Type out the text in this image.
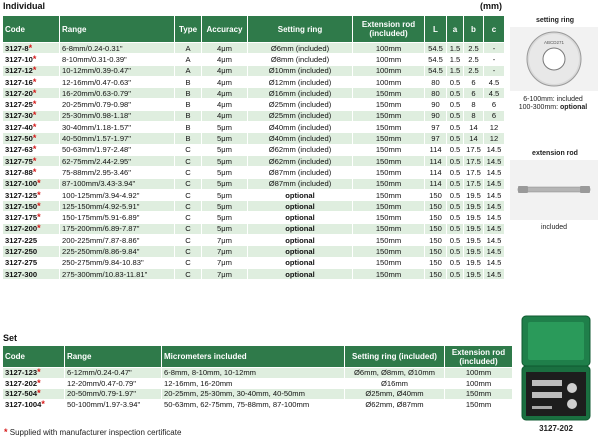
Individual	(mm)
Code	Range	Type	Accuracy	Setting ring	Extension rod (included)	L	a	b	c
3127-8*	6-8mm/0.24-0.31"	A	4μm	Ø6mm (included)	100mm	54.5	1.5	2.5	-
3127-10*	8-10mm/0.31-0.39"	A	4μm	Ø8mm (included)	100mm	54.5	1.5	2.5	-
3127-12*	10-12mm/0.39-0.47"	A	4μm	Ø10mm (included)	100mm	54.5	1.5	2.5	-
3127-16*	12-16mm/0.47-0.63"	B	4μm	Ø12mm (included)	100mm	80	0.5	6	4.5
3127-20*	16-20mm/0.63-0.79"	B	4μm	Ø16mm (included)	150mm	80	0.5	6	4.5
3127-25*	20-25mm/0.79-0.98"	B	4μm	Ø25mm (included)	150mm	90	0.5	8	6
3127-30*	25-30mm/0.98-1.18"	B	4μm	Ø25mm (included)	150mm	90	0.5	8	6
3127-40*	30-40mm/1.18-1.57"	B	5μm	Ø40mm (included)	150mm	97	0.5	14	12
3127-50*	40-50mm/1.57-1.97"	B	5μm	Ø40mm (included)	150mm	97	0.5	14	12
3127-63*	50-63mm/1.97-2.48"	C	5μm	Ø62mm (included)	150mm	114	0.5	17.5	14.5
3127-75*	62-75mm/2.44-2.95"	C	5μm	Ø62mm (included)	150mm	114	0.5	17.5	14.5
3127-88*	75-88mm/2.95-3.46"	C	5μm	Ø87mm (included)	150mm	114	0.5	17.5	14.5
3127-100*	87-100mm/3.43-3.94"	C	5μm	Ø87mm (included)	150mm	114	0.5	17.5	14.5
3127-125*	100-125mm/3.94-4.92"	C	5μm	optional	150mm	150	0.5	19.5	14.5
3127-150*	125-150mm/4.92-5.91"	C	5μm	optional	150mm	150	0.5	19.5	14.5
3127-175*	150-175mm/5.91-6.89"	C	5μm	optional	150mm	150	0.5	19.5	14.5
3127-200*	175-200mm/6.89-7.87"	C	5μm	optional	150mm	150	0.5	19.5	14.5
3127-225	200-225mm/7.87-8.86"	C	7μm	optional	150mm	150	0.5	19.5	14.5
3127-250	225-250mm/8.86-9.84"	C	7μm	optional	150mm	150	0.5	19.5	14.5
3127-275	250-275mm/9.84-10.83"	C	7μm	optional	150mm	150	0.5	19.5	14.5
3127-300	275-300mm/10.83-11.81"	C	7μm	optional	150mm	150	0.5	19.5	14.5
setting ring
ABCD271
6-100mm: included
100-300mm: optional
extension rod
included
3127-202
Set
Code	Range	Micrometers included	Setting ring (included)	Extension rod (included)
3127-123*	6-12mm/0.24-0.47"	6-8mm, 8-10mm, 10-12mm	Ø6mm, Ø8mm, Ø10mm	100mm
3127-202*	12-20mm/0.47-0.79"	12-16mm, 16-20mm	Ø16mm	100mm
3127-504*	20-50mm/0.79-1.97"	20-25mm, 25-30mm, 30-40mm, 40-50mm	Ø25mm, Ø40mm	150mm
3127-1004*	50-100mm/1.97-3.94"	50-63mm, 62-75mm, 75-88mm, 87-100mm	Ø62mm, Ø87mm	150mm
* Supplied with manufacturer inspection certificate
